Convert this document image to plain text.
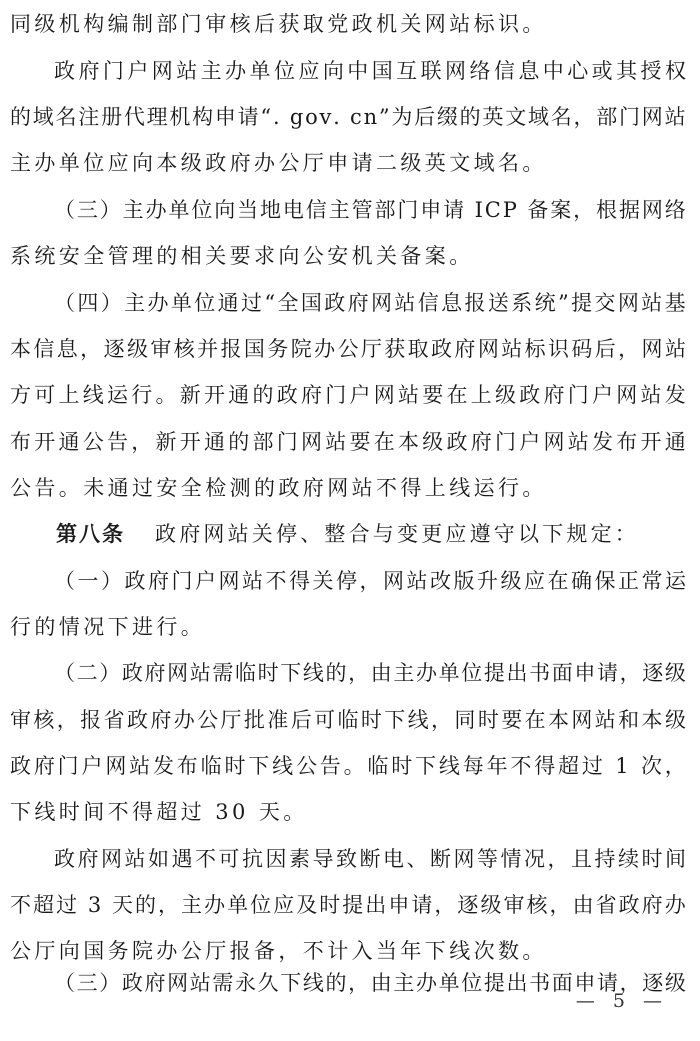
同级机构编制部门审核后获取党政机关网站标识。
政 府 门 户 网 站 主 办 单 位 应 向 中 国 互 联 网 络 信 息 中 心 或 其 授 权
的 域 名 注 册 代 理 机 构 申 请 “ .
g o v .
c n ” 为 后 缀 的 英 文 域 名 ， 部 门 网 站
主办单位应向本级政府办公厅申请二级英文域名。
（ 三 ） 主 办 单 位 向 当 地 电 信 主 管 部 门 申 请
I C P
备 案 ， 根 据 网 络
系统安全管理的相关要求向公安机关备案。
（ 四 ） 主 办 单 位 通 过 “ 全 国 政 府 网 站 信 息 报 送 系 统 ” 提 交 网 站 基
本 信 息 ， 逐 级 审 核 并 报 国 务 院 办 公 厅 获 取 政 府 网 站 标 识 码 后 ， 网 站
方 可 上 线 运 行 。 新 开 通 的 政 府 门 户 网 站 要 在 上 级 政 府 门 户 网 站 发
布 开 通 公 告 ， 新 开 通 的 部 门 网 站 要 在 本 级 政 府 门 户 网 站 发 布 开 通
公告。未通过安全检测的政府网站不得上线运行。
第八条 政府网站关停、整合与变更应遵守以下规定：
（ 一 ） 政 府 门 户 网 站 不 得 关 停 ， 网 站 改 版 升 级 应 在 确 保 正 常 运
行的情况下进行。
（ 二 ） 政 府 网 站 需 临 时 下 线 的 ， 由 主 办 单 位 提 出 书 面 申 请 ， 逐 级
审 核 ， 报 省 政 府 办 公 厅 批 准 后 可 临 时 下 线 ， 同 时 要 在 本 网 站 和 本 级
政 府 门 户 网 站 发 布 临 时 下 线 公 告 。 临 时 下 线 每 年 不 得 超 过
1
次 ，
下线时间不得超过 30 天。
政 府 网 站 如 遇 不 可 抗 因 素 导 致 断 电 、 断 网 等 情 况 ， 且 持 续 时 间
不 超 过
3
天 的 ， 主 办 单 位 应 及 时 提 出 申 请 ， 逐 级 审 核 ， 由 省 政 府 办
公厅向国务院办公厅报备，不计入当年下线次数。
（ 三 ） 政 府 网 站 需 永 久 下 线 的 ， 由 主 办 单 位 提 出 书 面 申 请 ， 逐 级
— 5 —
